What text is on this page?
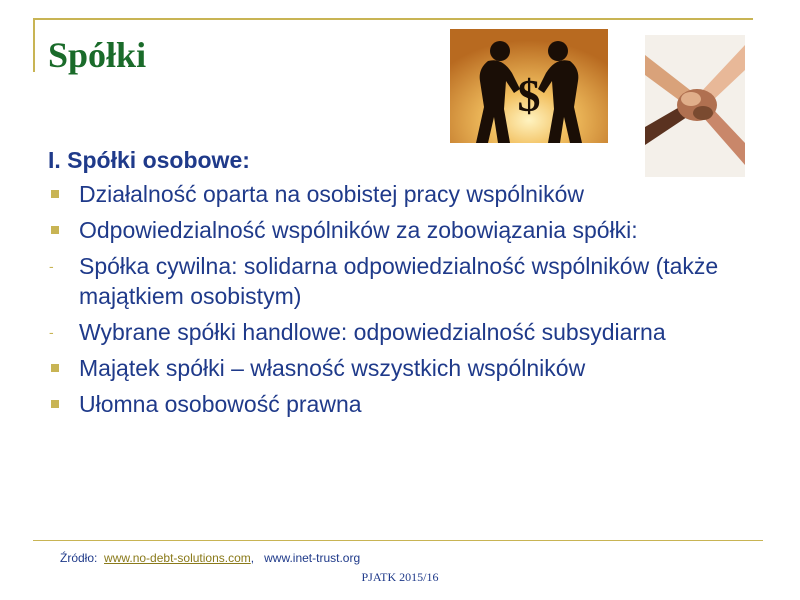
Spółki
$
I. Spółki osobowe:
Działalność oparta na osobistej pracy wspólników
Odpowiedzialność wspólników za zobowiązania spółki:
- Spółka cywilna: solidarna odpowiedzialność wspólników (także majątkiem osobistym)
- Wybrane spółki handlowe: odpowiedzialność subsydiarna
Majątek spółki – własność wszystkich wspólników
Ułomna osobowość prawna
Źródło: www.no-debt-solutions.com, www.inet-trust.org
PJATK 2015/16
